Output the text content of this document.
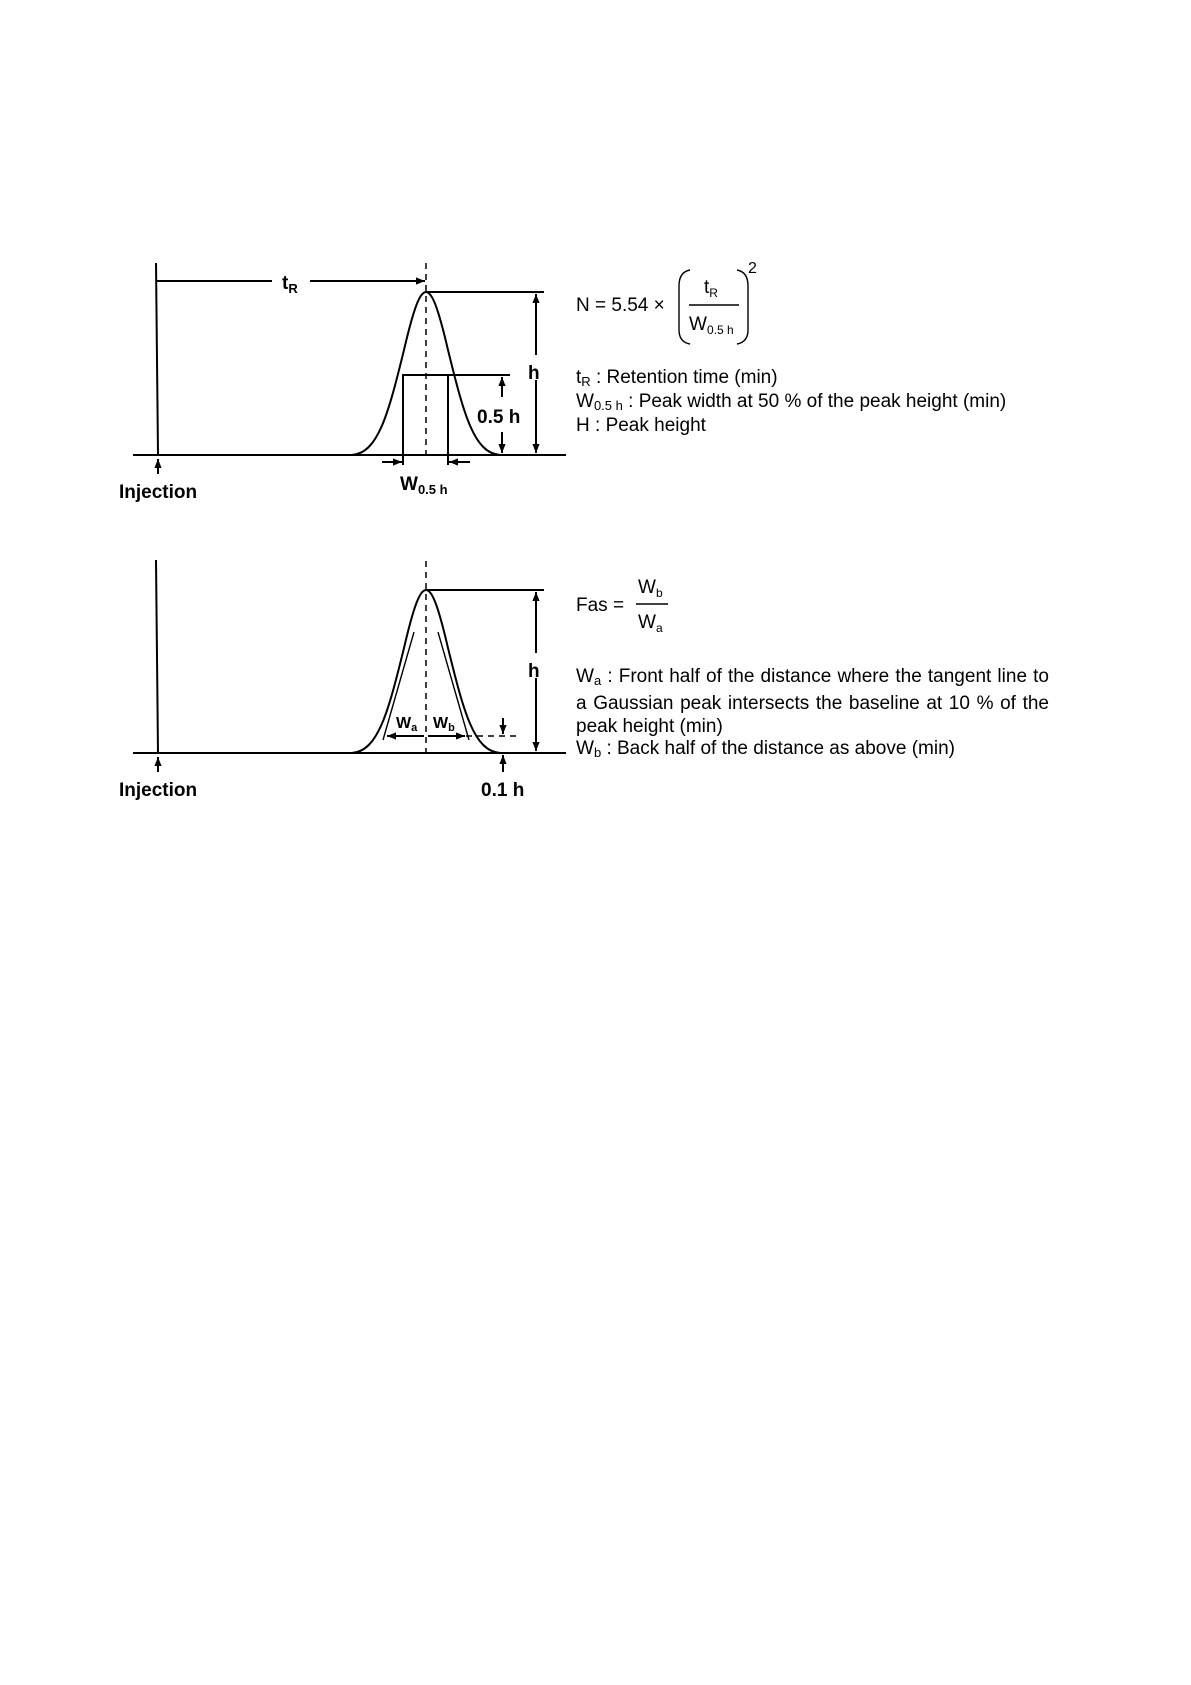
$t_R$
h
0.5 h
$W_{0.5 h}$
Injection
N = 5.54 ×
$t_R$
$W_{0.5 h}$
2
Wa Wb
h
0.1 h
Injection
Fas =
$W_b$
$W_a$
$t_R$ : Retention time (min)
$W_{0.5 h}$ : Peak width at 50 % of the peak height (min)
H : Peak height
$W_a$ : Front half of the distance where the tangent line to a Gaussian peak intersects the baseline at 10 % of the peak height (min)
$W_b$ : Back half of the distance as above (min)
